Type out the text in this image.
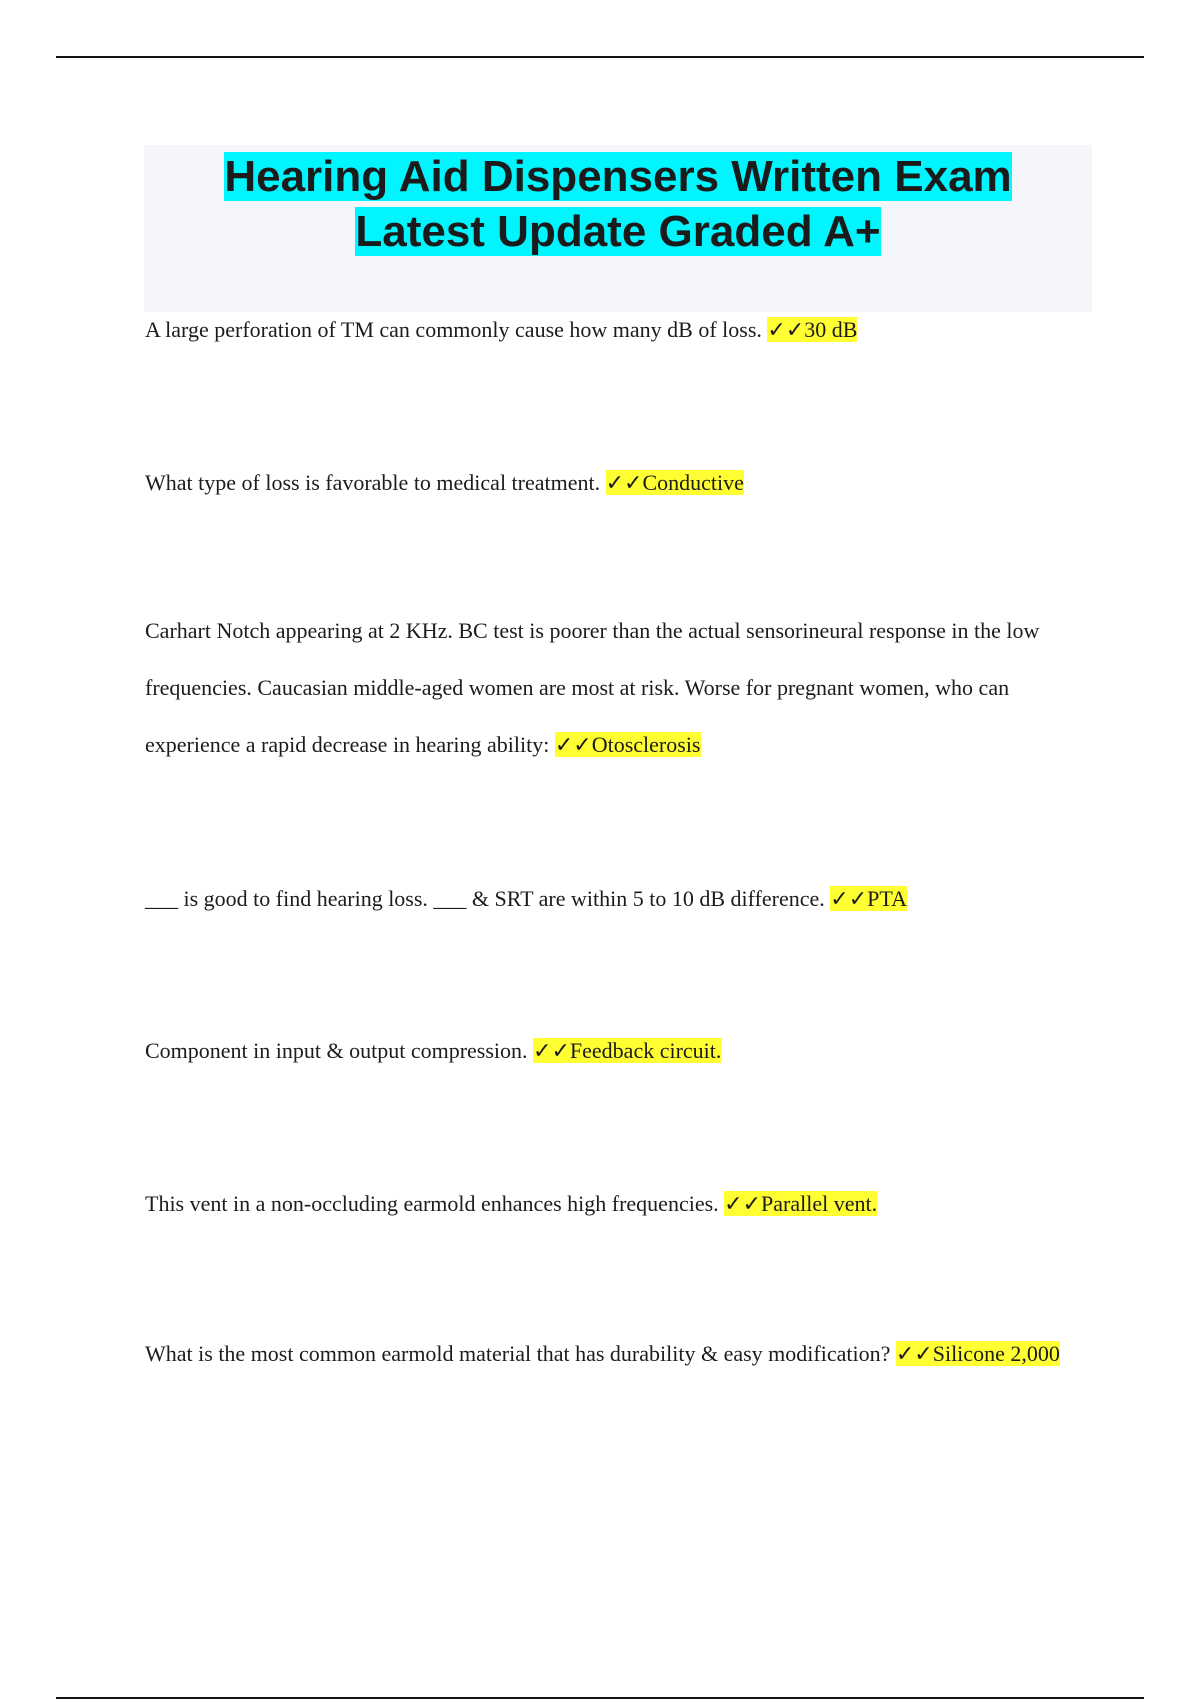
Hearing Aid Dispensers Written Exam
Latest Update Graded A+

A large perforation of TM can commonly cause how many dB of loss. ✓✓30 dB

What type of loss is favorable to medical treatment. ✓✓Conductive

Carhart Notch appearing at 2 KHz. BC test is poorer than the actual sensorineural response in the low frequencies. Caucasian middle-aged women are most at risk. Worse for pregnant women, who can experience a rapid decrease in hearing ability: ✓✓Otosclerosis

___ is good to find hearing loss. ___ & SRT are within 5 to 10 dB difference. ✓✓PTA

Component in input & output compression. ✓✓Feedback circuit.

This vent in a non-occluding earmold enhances high frequencies. ✓✓Parallel vent.

What is the most common earmold material that has durability & easy modification? ✓✓Silicone 2,000
